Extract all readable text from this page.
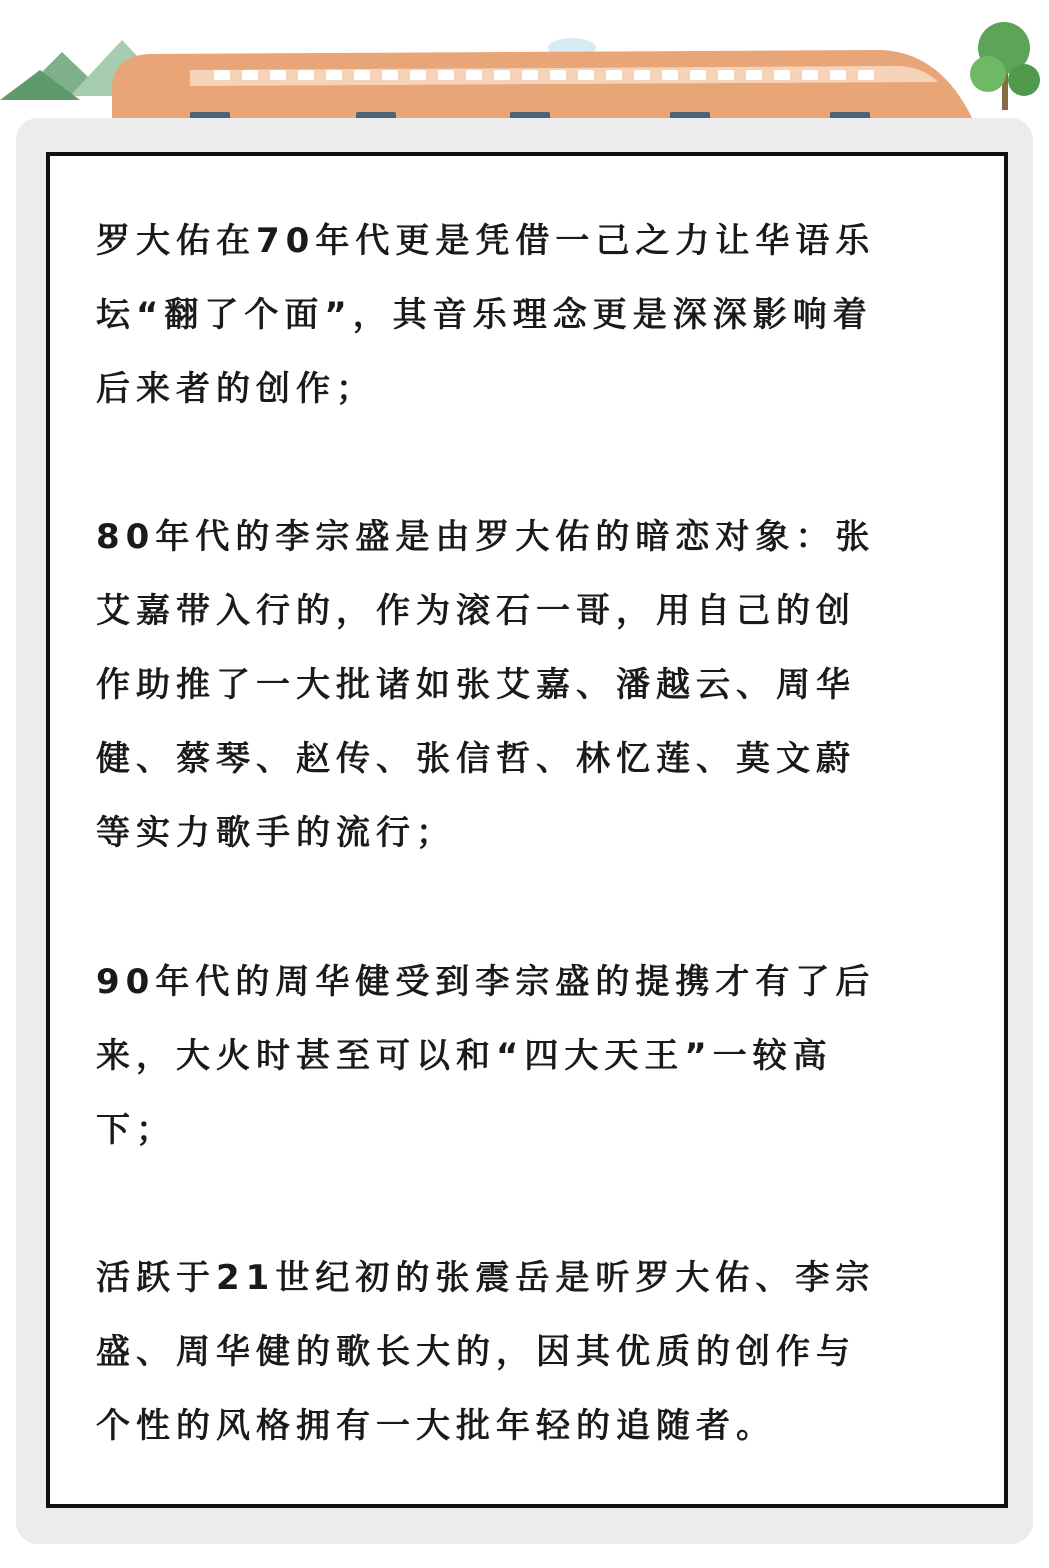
罗大佑在70年代更是凭借一己之力让华语乐
坛“翻了个面”，其音乐理念更是深深影响着
后来者的创作；

80年代的李宗盛是由罗大佑的暗恋对象：张
艾嘉带入行的，作为滚石一哥，用自己的创
作助推了一大批诸如张艾嘉、潘越云、周华
健、蔡琴、赵传、张信哲、林忆莲、莫文蔚
等实力歌手的流行；

90年代的周华健受到李宗盛的提携才有了后
来，大火时甚至可以和“四大天王”一较高
下；

活跃于21世纪初的张震岳是听罗大佑、李宗
盛、周华健的歌长大的，因其优质的创作与
个性的风格拥有一大批年轻的追随者。
